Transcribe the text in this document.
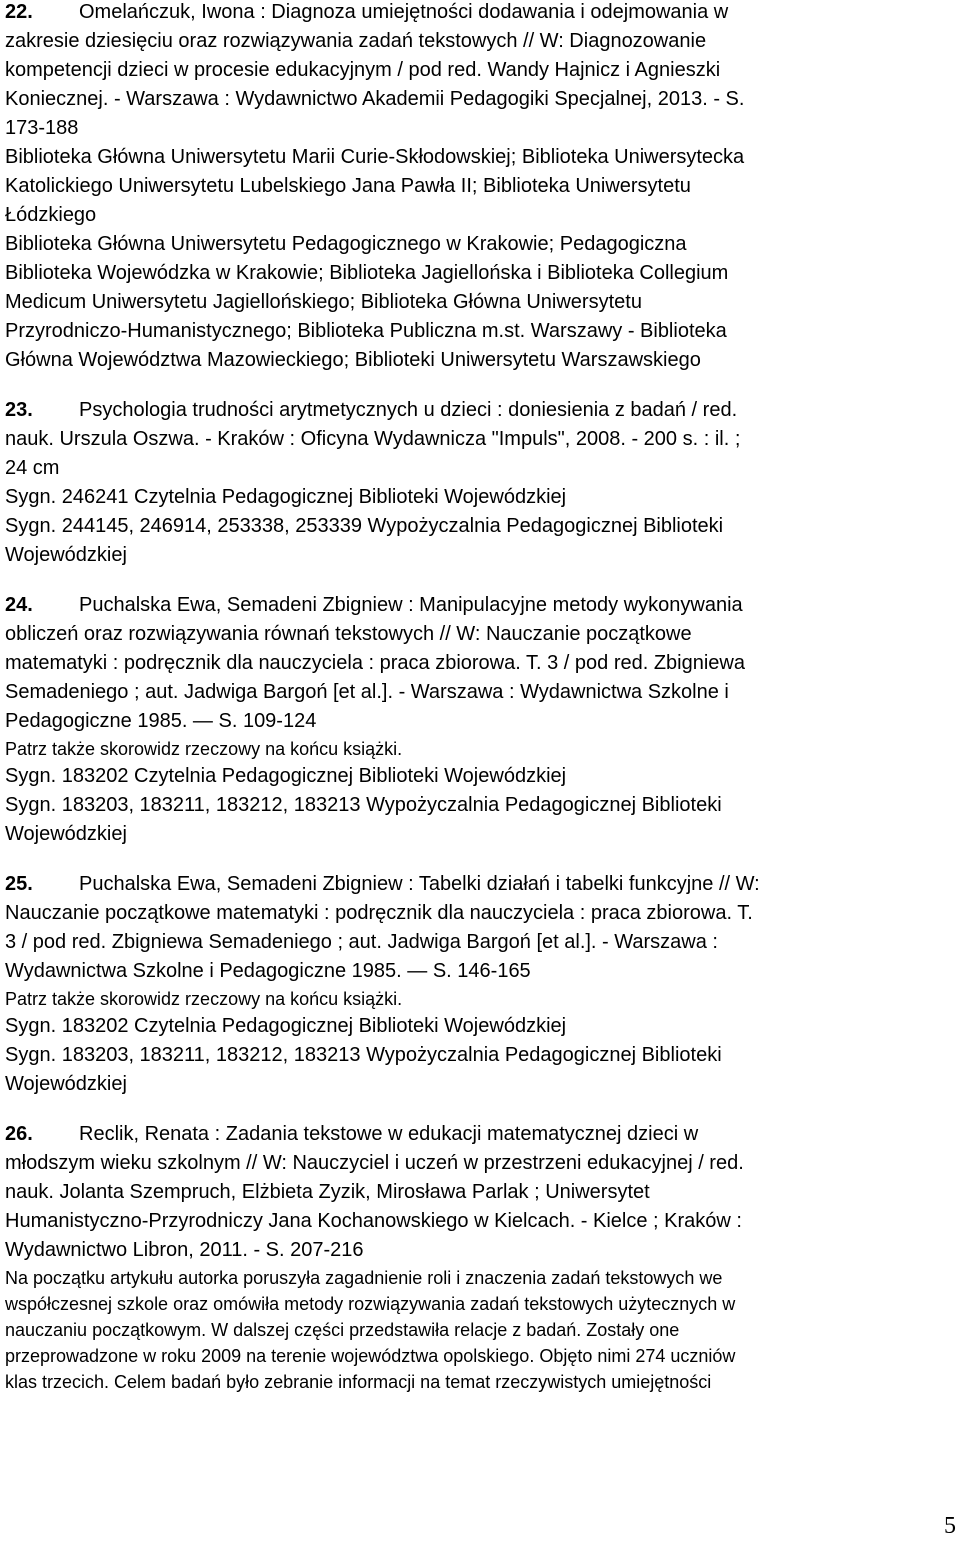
22. Omelańczuk, Iwona : Diagnoza umiejętności dodawania i odejmowania w
zakresie dziesięciu oraz rozwiązywania zadań tekstowych // W: Diagnozowanie
kompetencji dzieci w procesie edukacyjnym / pod red. Wandy Hajnicz i Agnieszki
Koniecznej. - Warszawa : Wydawnictwo Akademii Pedagogiki Specjalnej, 2013. - S.
173-188
Biblioteka Główna Uniwersytetu Marii Curie-Skłodowskiej; Biblioteka Uniwersytecka
Katolickiego Uniwersytetu Lubelskiego Jana Pawła II; Biblioteka Uniwersytetu
Łódzkiego
Biblioteka Główna Uniwersytetu Pedagogicznego w Krakowie; Pedagogiczna
Biblioteka Wojewódzka w Krakowie; Biblioteka Jagiellońska i Biblioteka Collegium
Medicum Uniwersytetu Jagiellońskiego; Biblioteka Główna Uniwersytetu
Przyrodniczo-Humanistycznego; Biblioteka Publiczna m.st. Warszawy - Biblioteka
Główna Województwa Mazowieckiego; Biblioteki Uniwersytetu Warszawskiego
23. Psychologia trudności arytmetycznych u dzieci : doniesienia z badań / red.
nauk. Urszula Oszwa. - Kraków : Oficyna Wydawnicza "Impuls", 2008. - 200 s. : il. ;
24 cm
Sygn. 246241 Czytelnia Pedagogicznej Biblioteki Wojewódzkiej
Sygn. 244145, 246914, 253338, 253339 Wypożyczalnia Pedagogicznej Biblioteki
Wojewódzkiej
24. Puchalska Ewa, Semadeni Zbigniew : Manipulacyjne metody wykonywania
obliczeń oraz rozwiązywania równań tekstowych // W: Nauczanie początkowe
matematyki : podręcznik dla nauczyciela : praca zbiorowa. T. 3 / pod red. Zbigniewa
Semadeniego ; aut. Jadwiga Bargoń [et al.]. - Warszawa : Wydawnictwa Szkolne i
Pedagogiczne 1985. — S. 109-124
Patrz także skorowidz rzeczowy na końcu książki.
Sygn. 183202 Czytelnia Pedagogicznej Biblioteki Wojewódzkiej
Sygn. 183203, 183211, 183212, 183213 Wypożyczalnia Pedagogicznej Biblioteki
Wojewódzkiej
25. Puchalska Ewa, Semadeni Zbigniew : Tabelki działań i tabelki funkcyjne // W:
Nauczanie początkowe matematyki : podręcznik dla nauczyciela : praca zbiorowa. T.
3 / pod red. Zbigniewa Semadeniego ; aut. Jadwiga Bargoń [et al.]. - Warszawa :
Wydawnictwa Szkolne i Pedagogiczne 1985. — S. 146-165
Patrz także skorowidz rzeczowy na końcu książki.
Sygn. 183202 Czytelnia Pedagogicznej Biblioteki Wojewódzkiej
Sygn. 183203, 183211, 183212, 183213 Wypożyczalnia Pedagogicznej Biblioteki
Wojewódzkiej
26. Reclik, Renata : Zadania tekstowe w edukacji matematycznej dzieci w
młodszym wieku szkolnym // W: Nauczyciel i uczeń w przestrzeni edukacyjnej / red.
nauk. Jolanta Szempruch, Elżbieta Zyzik, Mirosława Parlak ; Uniwersytet
Humanistyczno-Przyrodniczy Jana Kochanowskiego w Kielcach. - Kielce ; Kraków :
Wydawnictwo Libron, 2011. - S. 207-216
Na początku artykułu autorka poruszyła zagadnienie roli i znaczenia zadań tekstowych we
współczesnej szkole oraz omówiła metody rozwiązywania zadań tekstowych użytecznych w
nauczaniu początkowym. W dalszej części przedstawiła relacje z badań. Zostały one
przeprowadzone w roku 2009 na terenie województwa opolskiego. Objęto nimi 274 uczniów
klas trzecich. Celem badań było zebranie informacji na temat rzeczywistych umiejętności
5
